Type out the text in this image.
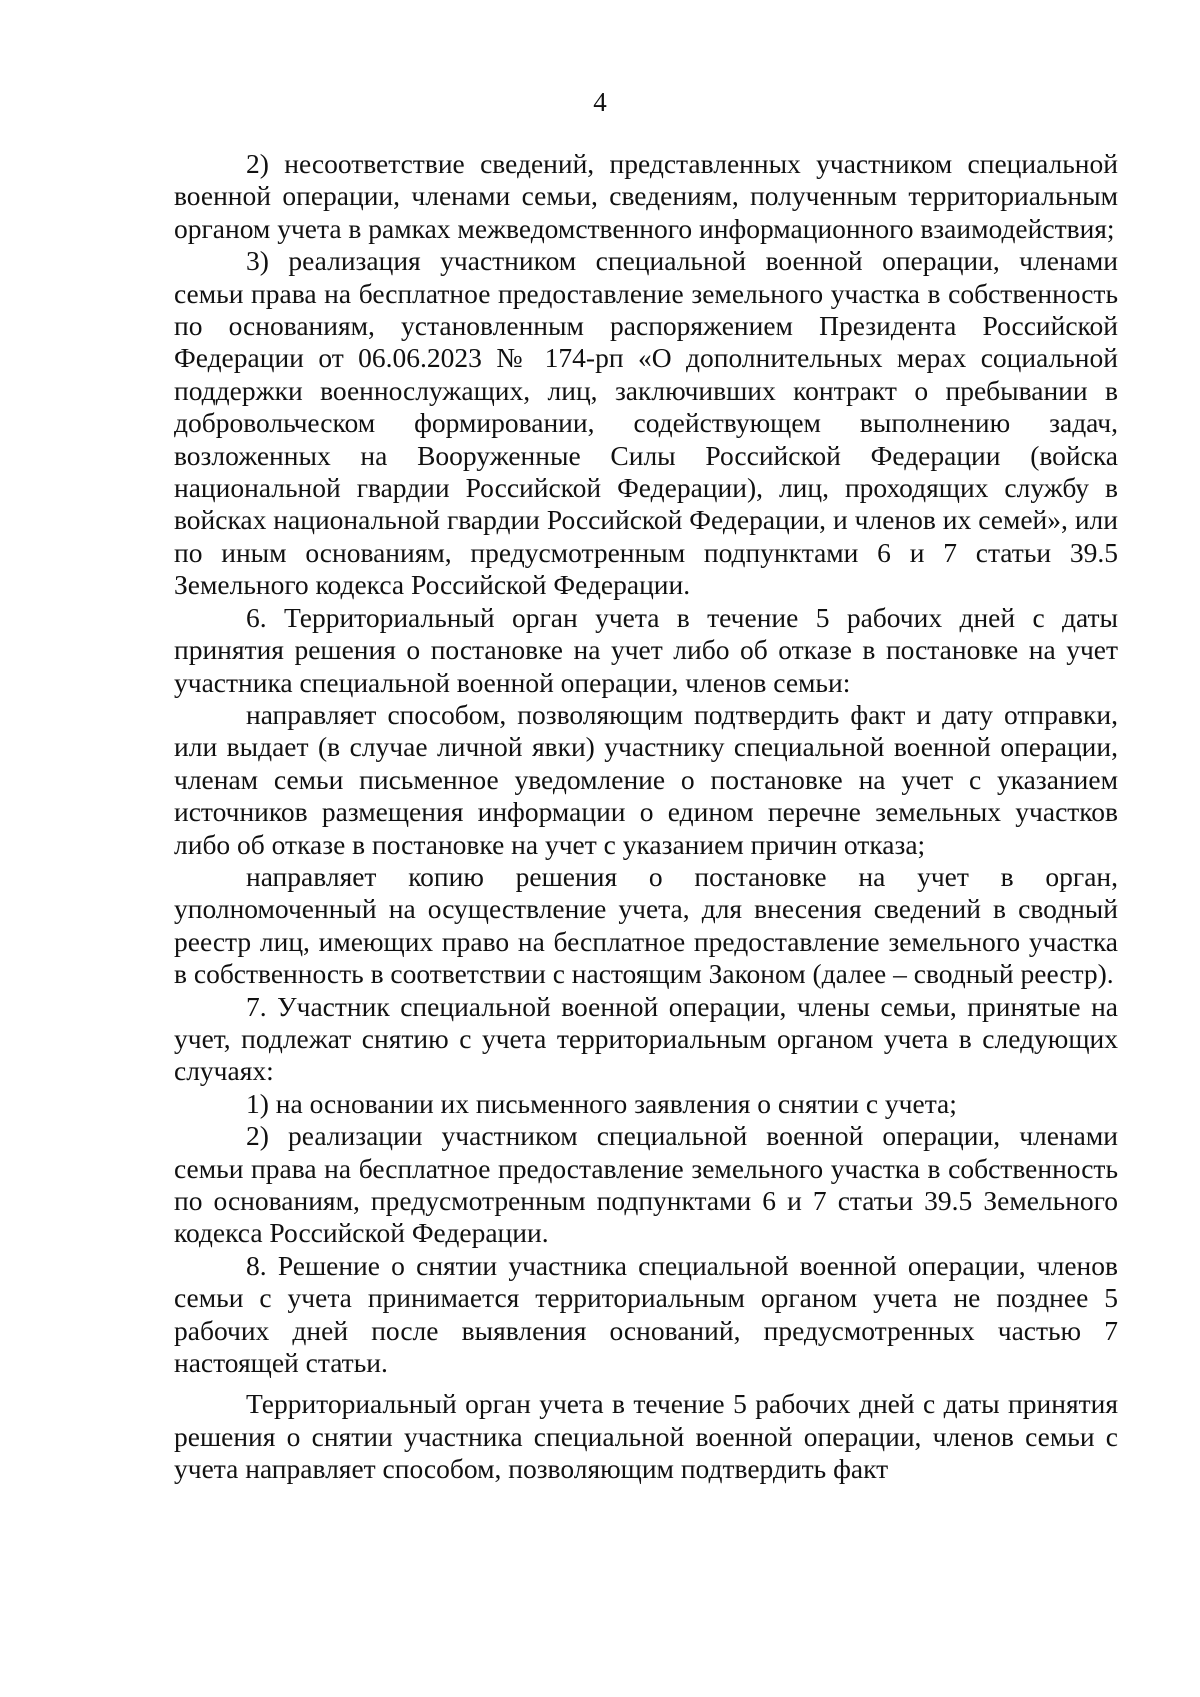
4

2) несоответствие сведений, представленных участником специальной военной операции, членами семьи, сведениям, полученным территориальным органом учета в рамках межведомственного информационного взаимодействия;

3) реализация участником специальной военной операции, членами семьи права на бесплатное предоставление земельного участка в собственность по основаниям, установленным распоряжением Президента Российской Федерации от 06.06.2023 № 174-рп «О дополнительных мерах социальной поддержки военнослужащих, лиц, заключивших контракт о пребывании в добровольческом формировании, содействующем выполнению задач, возложенных на Вооруженные Силы Российской Федерации (войска национальной гвардии Российской Федерации), лиц, проходящих службу в войсках национальной гвардии Российской Федерации, и членов их семей», или по иным основаниям, предусмотренным подпунктами 6 и 7 статьи 39.5 Земельного кодекса Российской Федерации.

6. Территориальный орган учета в течение 5 рабочих дней с даты принятия решения о постановке на учет либо об отказе в постановке на учет участника специальной военной операции, членов семьи:

направляет способом, позволяющим подтвердить факт и дату отправки, или выдает (в случае личной явки) участнику специальной военной операции, членам семьи письменное уведомление о постановке на учет с указанием источников размещения информации о едином перечне земельных участков либо об отказе в постановке на учет с указанием причин отказа;

направляет копию решения о постановке на учет в орган, уполномоченный на осуществление учета, для внесения сведений в сводный реестр лиц, имеющих право на бесплатное предоставление земельного участка в собственность в соответствии с настоящим Законом (далее – сводный реестр).

7. Участник специальной военной операции, члены семьи, принятые на учет, подлежат снятию с учета территориальным органом учета в следующих случаях:

1) на основании их письменного заявления о снятии с учета;

2) реализации участником специальной военной операции, членами семьи права на бесплатное предоставление земельного участка в собственность по основаниям, предусмотренным подпунктами 6 и 7 статьи 39.5 Земельного кодекса Российской Федерации.

8. Решение о снятии участника специальной военной операции, членов семьи с учета принимается территориальным органом учета не позднее 5 рабочих дней после выявления оснований, предусмотренных частью 7 настоящей статьи.

Территориальный орган учета в течение 5 рабочих дней с даты принятия решения о снятии участника специальной военной операции, членов семьи с учета направляет способом, позволяющим подтвердить факт
